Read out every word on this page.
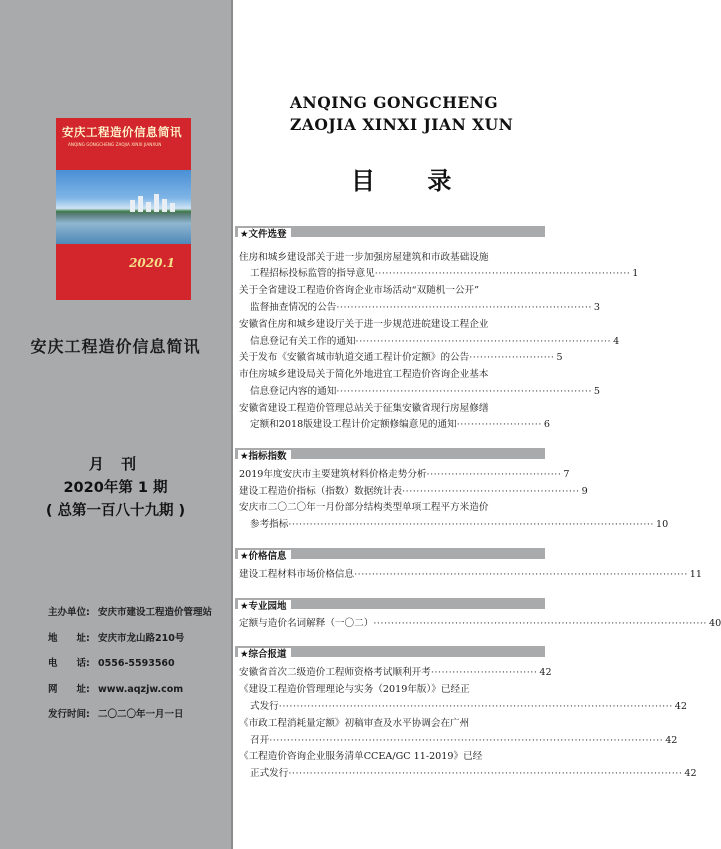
安庆工程造价信息简讯
ANQING GONGCHENG ZAOJIA XINXI JIANXUN
2020.1
安庆工程造价信息简讯
月 刊
2020年第 1 期
( 总第一百八十九期 )
主办单位: 安庆市建设工程造价管理站
地　　址: 安庆市龙山路210号
电　　话: 0556-5593560
网　　址: www.aqzjw.com
发行时间: 二〇二〇年一月一日
ANQING GONGCHENG
ZAOJIA XINXI JIAN XUN
目 录
★文件选登
住房和城乡建设部关于进一步加强房屋建筑和市政基础设施
工程招标投标监管的指导意见 ········································································ 1
关于全省建设工程造价咨询企业市场活动“双随机一公开”
监督抽查情况的公告 ········································································ 3
安徽省住房和城乡建设厅关于进一步规范进皖建设工程企业
信息登记有关工作的通知 ········································································ 4
关于发布《安徽省城市轨道交通工程计价定额》的公告 ························ 5
市住房城乡建设局关于简化外地进宜工程造价咨询企业基本
信息登记内容的通知 ········································································ 5
安徽省建设工程造价管理总站关于征集安徽省现行房屋修缮
定额和2018版建设工程计价定额修编意见的通知 ························ 6
★指标指数
2019年度安庆市主要建筑材料价格走势分析 ······································ 7
建设工程造价指标（指数）数据统计表 ·················································· 9
安庆市二〇二〇年一月份部分结构类型单项工程平方米造价
参考指标 ······································································································· 10
★价格信息
建设工程材料市场价格信息 ······························································································ 11
★专业园地
定额与造价名词解释（一〇二） ······························································································ 40
★综合报道
安徽省首次二级造价工程师资格考试顺利开考 ······························ 42
《建设工程造价管理理论与实务（2019年版）》已经正
式发行 ··············································································································· 42
《市政工程消耗量定额》初稿审查及水平协调会在广州
召开 ··············································································································· 42
《工程造价咨询企业服务清单CCEA/GC 11-2019》已经
正式发行 ··············································································································· 42
